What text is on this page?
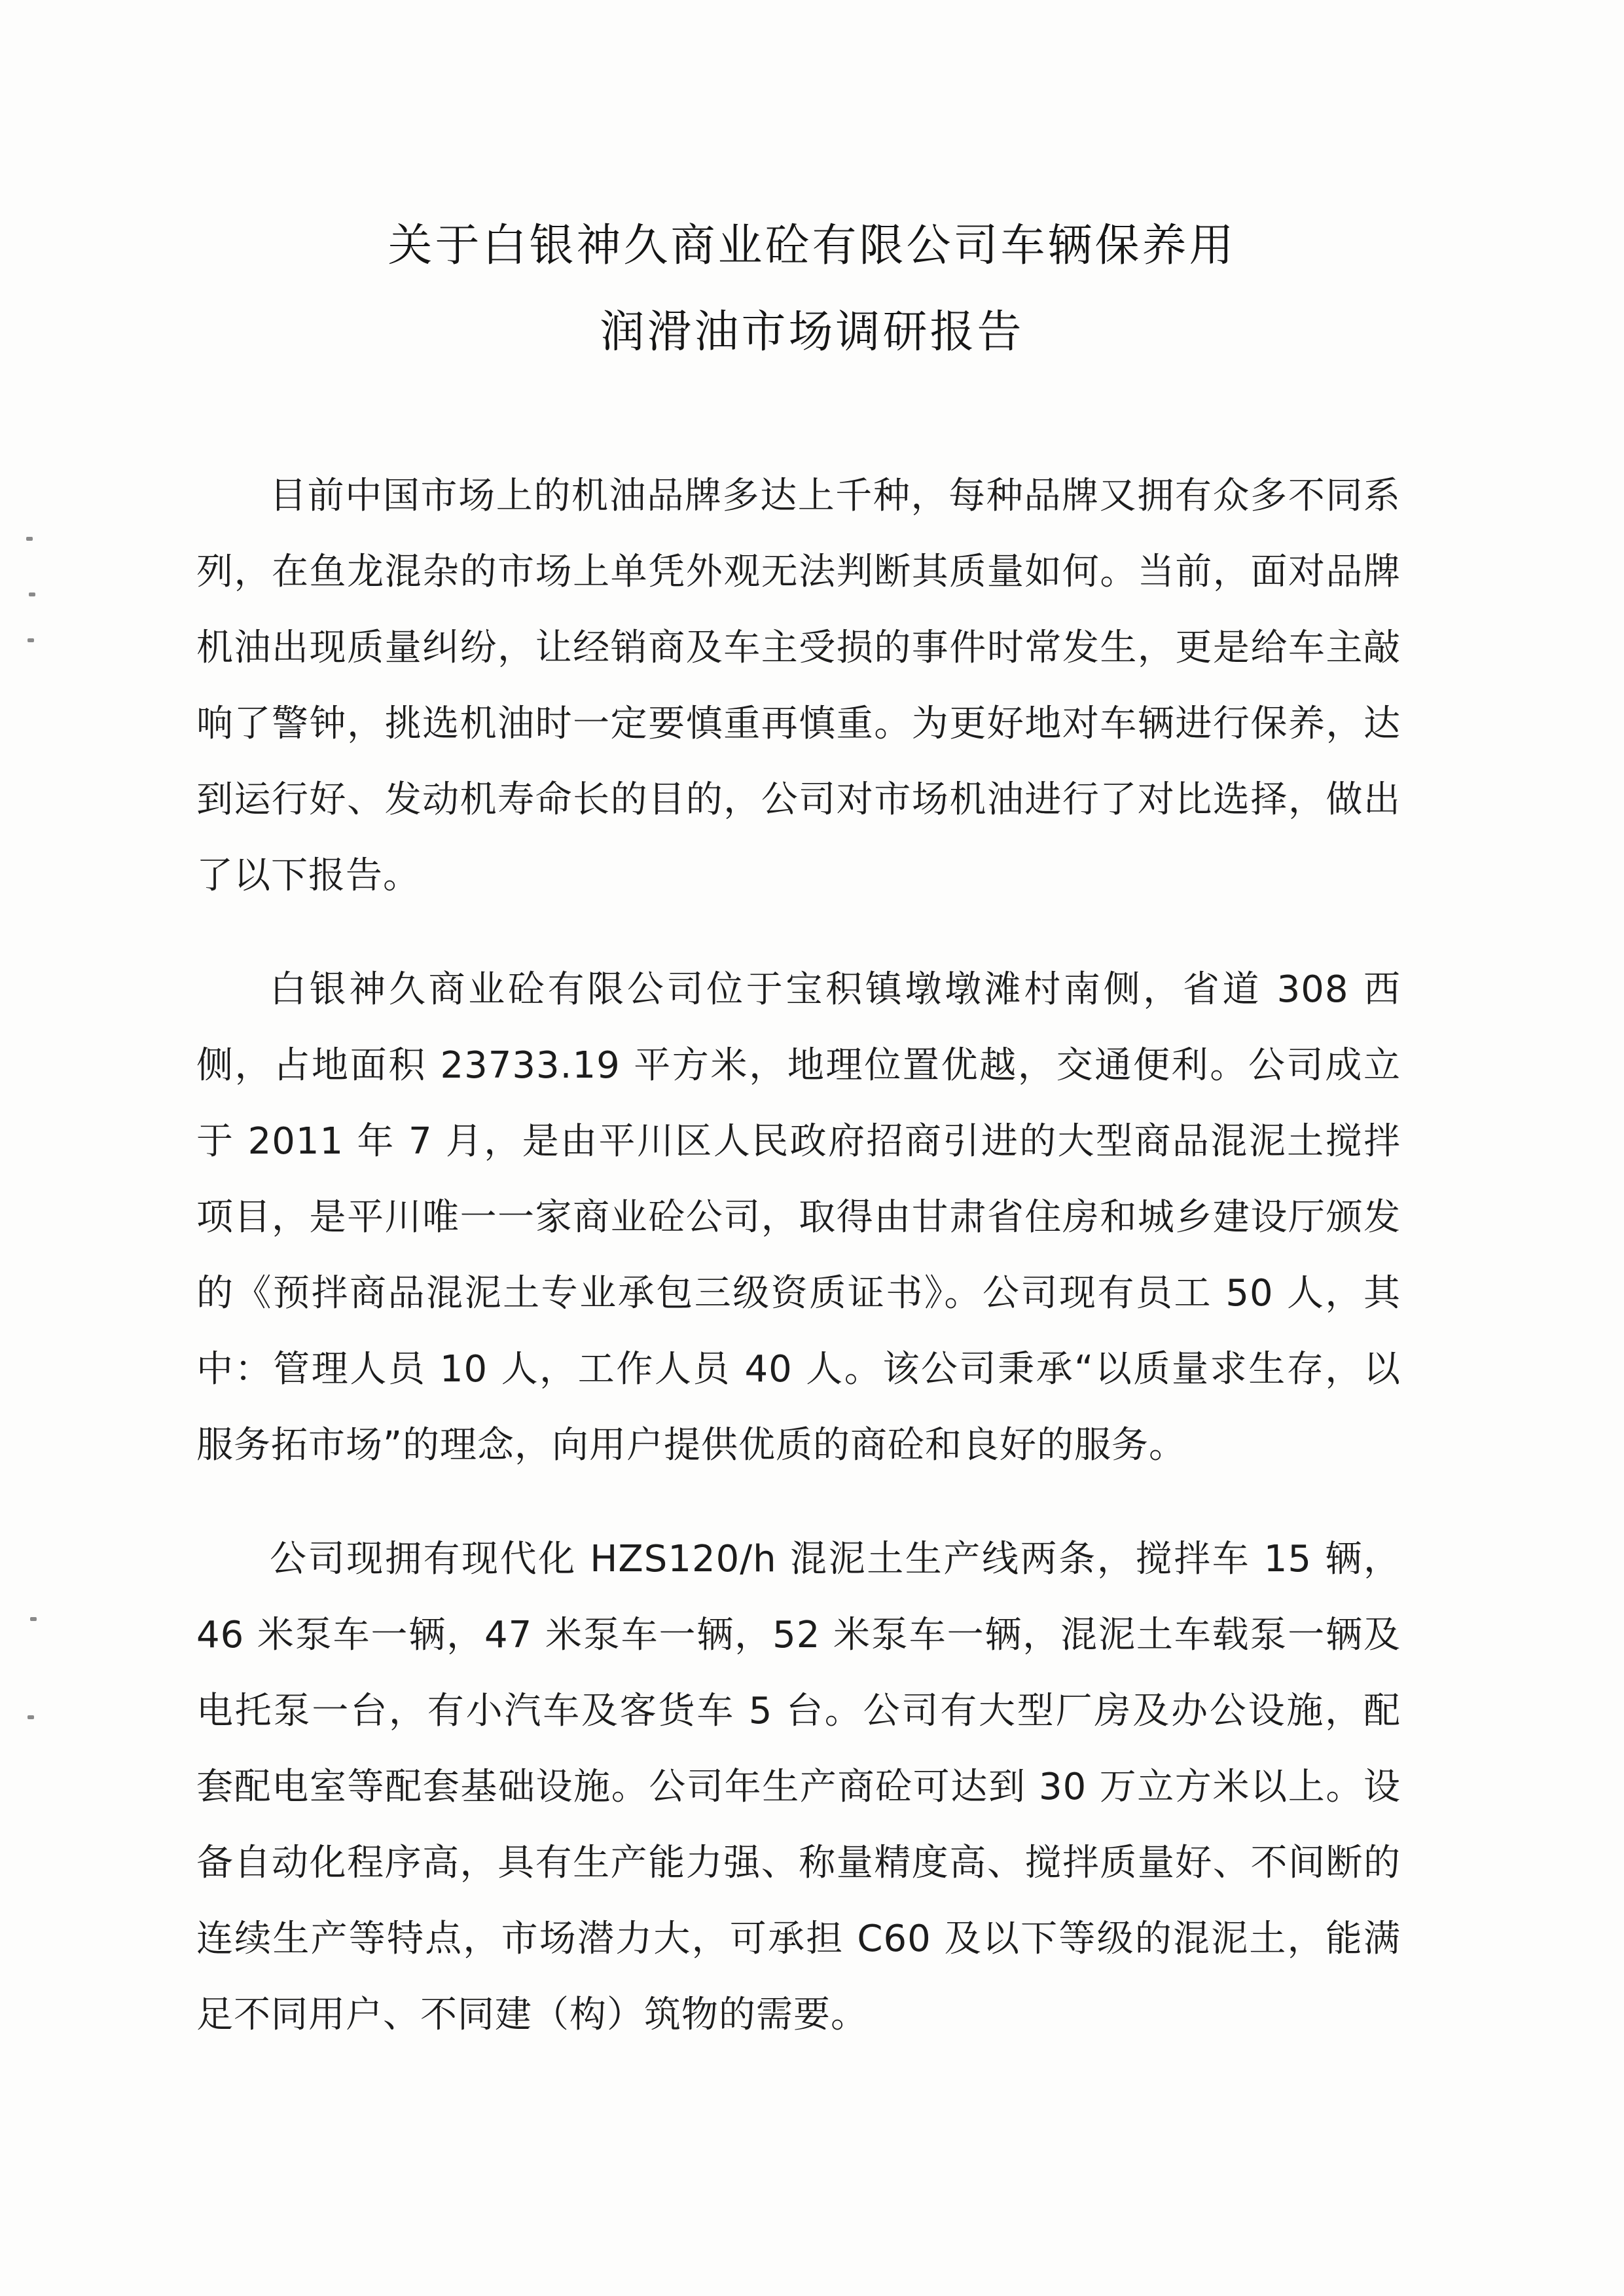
关于白银神久商业砼有限公司车辆保养用
润滑油市场调研报告

目前中国市场上的机油品牌多达上千种，每种品牌又拥有众多不同系列，在鱼龙混杂的市场上单凭外观无法判断其质量如何。当前，面对品牌机油出现质量纠纷，让经销商及车主受损的事件时常发生，更是给车主敲响了警钟，挑选机油时一定要慎重再慎重。为更好地对车辆进行保养，达到运行好、发动机寿命长的目的，公司对市场机油进行了对比选择，做出了以下报告。

白银神久商业砼有限公司位于宝积镇墩墩滩村南侧，省道 308 西侧，占地面积 23733.19 平方米，地理位置优越，交通便利。公司成立于 2011 年 7 月，是由平川区人民政府招商引进的大型商品混泥土搅拌项目，是平川唯一一家商业砼公司，取得由甘肃省住房和城乡建设厅颁发的《预拌商品混泥土专业承包三级资质证书》。公司现有员工 50 人，其中：管理人员 10 人，工作人员 40 人。该公司秉承“以质量求生存，以服务拓市场”的理念，向用户提供优质的商砼和良好的服务。

公司现拥有现代化 HZS120/h 混泥土生产线两条，搅拌车 15 辆，46 米泵车一辆，47 米泵车一辆，52 米泵车一辆，混泥土车载泵一辆及电托泵一台，有小汽车及客货车 5 台。公司有大型厂房及办公设施，配套配电室等配套基础设施。公司年生产商砼可达到 30 万立方米以上。设备自动化程序高，具有生产能力强、称量精度高、搅拌质量好、不间断的连续生产等特点，市场潜力大，可承担 C60 及以下等级的混泥土，能满足不同用户、不同建（构）筑物的需要。
